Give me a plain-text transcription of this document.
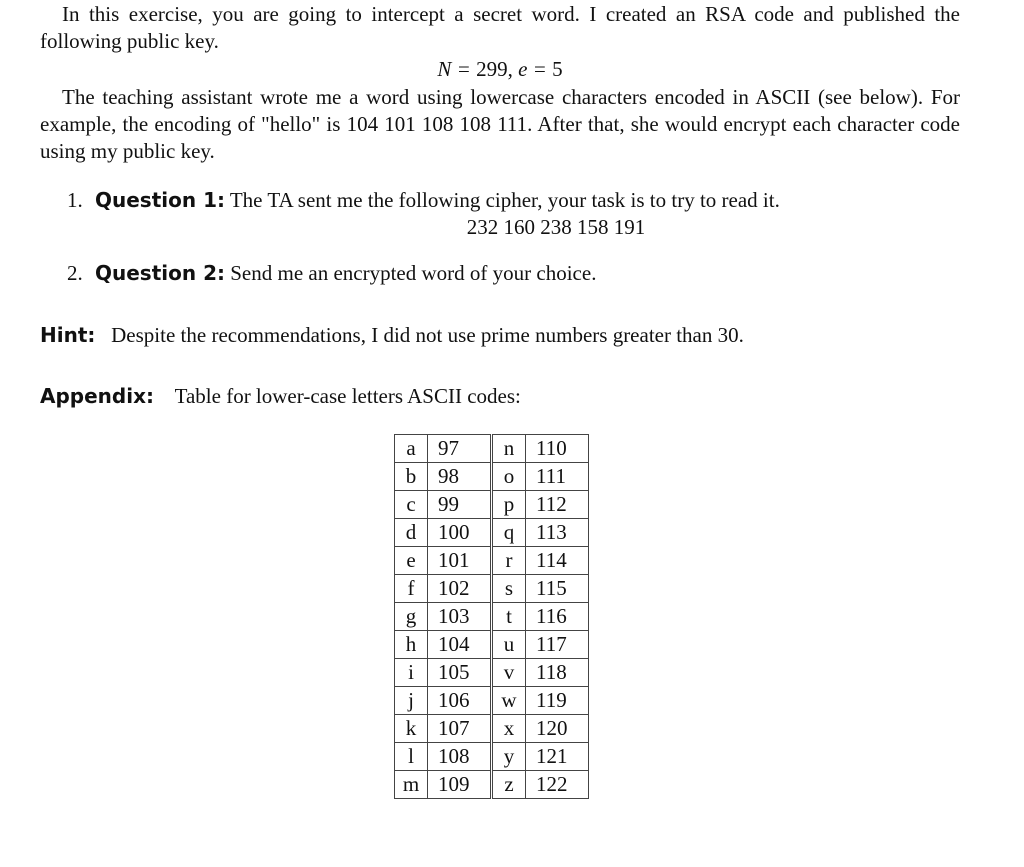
In this exercise, you are going to intercept a secret word. I created an RSA code and published the following public key.

N = 299, e = 5

The teaching assistant wrote me a word using lowercase characters encoded in ASCII (see below). For example, the encoding of "hello" is 104 101 108 108 111. After that, she would encrypt each character code using my public key.

1. Question 1: The TA sent me the following cipher, your task is to try to read it.

232 160 238 158 191

2. Question 2: Send me an encrypted word of your choice.

Hint: Despite the recommendations, I did not use prime numbers greater than 30.

Appendix: Table for lower-case letters ASCII codes:

a	97	n	110
b	98	o	111
c	99	p	112
d	100	q	113
e	101	r	114
f	102	s	115
g	103	t	116
h	104	u	117
i	105	v	118
j	106	w	119
k	107	x	120
l	108	y	121
m	109	z	122
